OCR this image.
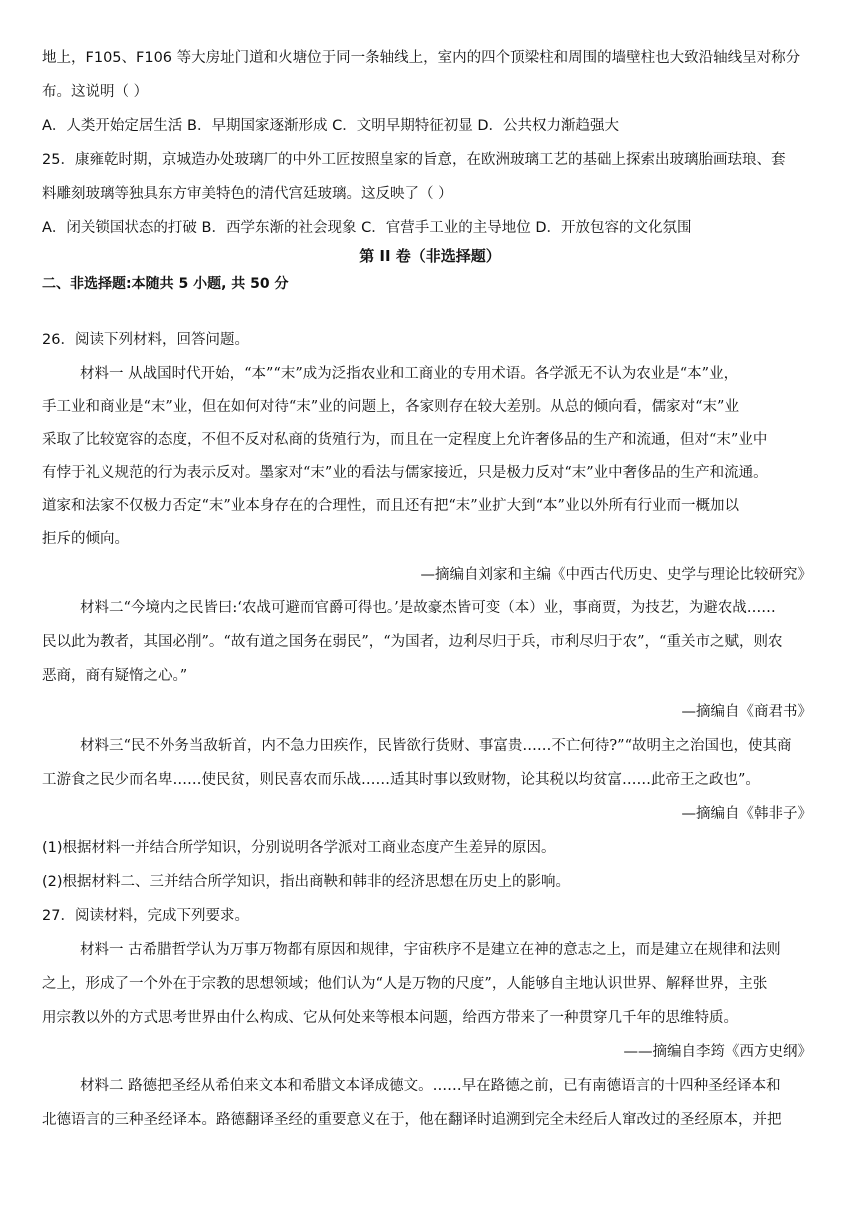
地上，F105、F106 等大房址门道和火塘位于同一条轴线上，室内的四个顶梁柱和周围的墙壁柱也大致沿轴线呈对称分
布。这说明（ ）
A．人类开始定居生活 B．早期国家逐渐形成 C．文明早期特征初显 D．公共权力渐趋强大
25．康雍乾时期，京城造办处玻璃厂的中外工匠按照皇家的旨意，在欧洲玻璃工艺的基础上探索出玻璃胎画珐琅、套
料雕刻玻璃等独具东方审美特色的清代宫廷玻璃。这反映了（ ）
A．闭关锁国状态的打破 B．西学东渐的社会现象 C．官营手工业的主导地位 D．开放包容的文化氛围
第 II 卷（非选择题）
二、非选择题:本随共 5 小题, 共 50 分
26．阅读下列材料，回答问题。
材料一 从战国时代开始，“本”“末”成为泛指农业和工商业的专用术语。各学派无不认为农业是“本”业，
手工业和商业是“末”业，但在如何对待“末”业的问题上，各家则存在较大差别。从总的倾向看，儒家对“末”业
采取了比较宽容的态度，不但不反对私商的货殖行为，而且在一定程度上允许奢侈品的生产和流通，但对“末”业中
有悖于礼义规范的行为表示反对。墨家对“末”业的看法与儒家接近，只是极力反对“末”业中奢侈品的生产和流通。
道家和法家不仅极力否定“末”业本身存在的合理性，而且还有把“末”业扩大到“本”业以外所有行业而一概加以
拒斥的倾向。
—摘编自刘家和主编《中西古代历史、史学与理论比较研究》
材料二“今境内之民皆曰:‘农战可避而官爵可得也。’是故豪杰皆可变（本）业，事商贾，为技艺，为避农战……
民以此为教者，其国必削”。“故有道之国务在弱民”，“为国者，边利尽归于兵，市利尽归于农”，“重关市之赋，则农
恶商，商有疑惰之心。”
—摘编自《商君书》
材料三“民不外务当敌斩首，内不急力田疾作，民皆欲行货财、事富贵……不亡何待?”“故明主之治国也，使其商
工游食之民少而名卑……使民贫，则民喜农而乐战……适其时事以致财物，论其税以均贫富……此帝王之政也”。
—摘编自《韩非子》
(1)根据材料一并结合所学知识，分别说明各学派对工商业态度产生差异的原因。
(2)根据材料二、三并结合所学知识，指出商鞅和韩非的经济思想在历史上的影响。
27．阅读材料，完成下列要求。
材料一 古希腊哲学认为万事万物都有原因和规律，宇宙秩序不是建立在神的意志之上，而是建立在规律和法则
之上，形成了一个外在于宗教的思想领域；他们认为“人是万物的尺度”，人能够自主地认识世界、解释世界，主张
用宗教以外的方式思考世界由什么构成、它从何处来等根本问题，给西方带来了一种贯穿几千年的思维特质。
——摘编自李筠《西方史纲》
材料二 路德把圣经从希伯来文本和希腊文本译成德文。……早在路德之前，已有南德语言的十四种圣经译本和
北德语言的三种圣经译本。路德翻译圣经的重要意义在于，他在翻译时追溯到完全未经后人窜改过的圣经原本，并把
